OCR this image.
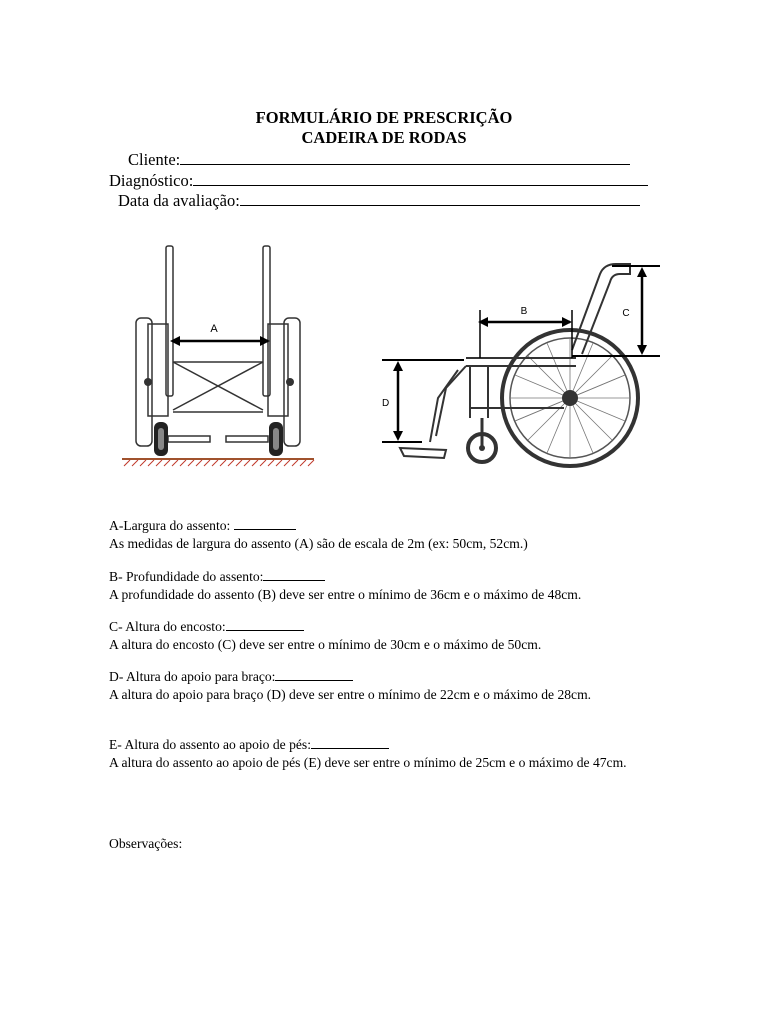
FORMULÁRIO DE PRESCRIÇÃO
CADEIRA DE RODAS
Cliente:
Diagnóstico:
Data da avaliação:
A
B	C
D
A-Largura do assento:
As medidas de largura do assento (A) são de escala de 2m (ex: 50cm, 52cm.)
B- Profundidade do assento:
A profundidade do assento (B) deve ser entre o mínimo de 36cm e o máximo de 48cm.
C- Altura do encosto:
A altura do encosto (C) deve ser entre o mínimo de 30cm e o máximo de 50cm.
D- Altura do apoio para braço:
A altura do apoio para braço (D) deve ser entre o mínimo de 22cm e o máximo de 28cm.
E- Altura do assento ao apoio de pés:
A altura do assento ao apoio de pés (E) deve ser entre o mínimo de 25cm e o máximo de 47cm.
Observações:
